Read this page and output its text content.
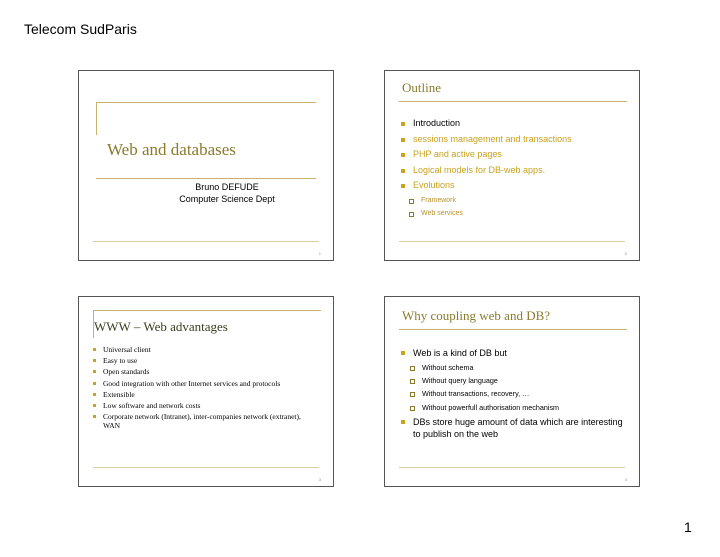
Telecom SudParis
Web and databases
Bruno DEFUDE
Computer Science Dept
1
Outline
Introduction
sessions management and transactions
PHP and active pages
Logical models for DB-web apps.
Evolutions
Framework
Web services
2
WWW – Web advantages
Universal client
Easy to use
Open standards
Good integration with other Internet services and protocols
Extensible
Low software and network costs
Corporate network (Intranet), inter-companies network (extranet), WAN
3
Why coupling web and DB?
Web is a kind of DB but
Without schema
Without query language
Without transactions, recovery, …
Without powerfull authorisation mechanism
DBs store huge amount of data which are interesting to publish on the web
4
1
